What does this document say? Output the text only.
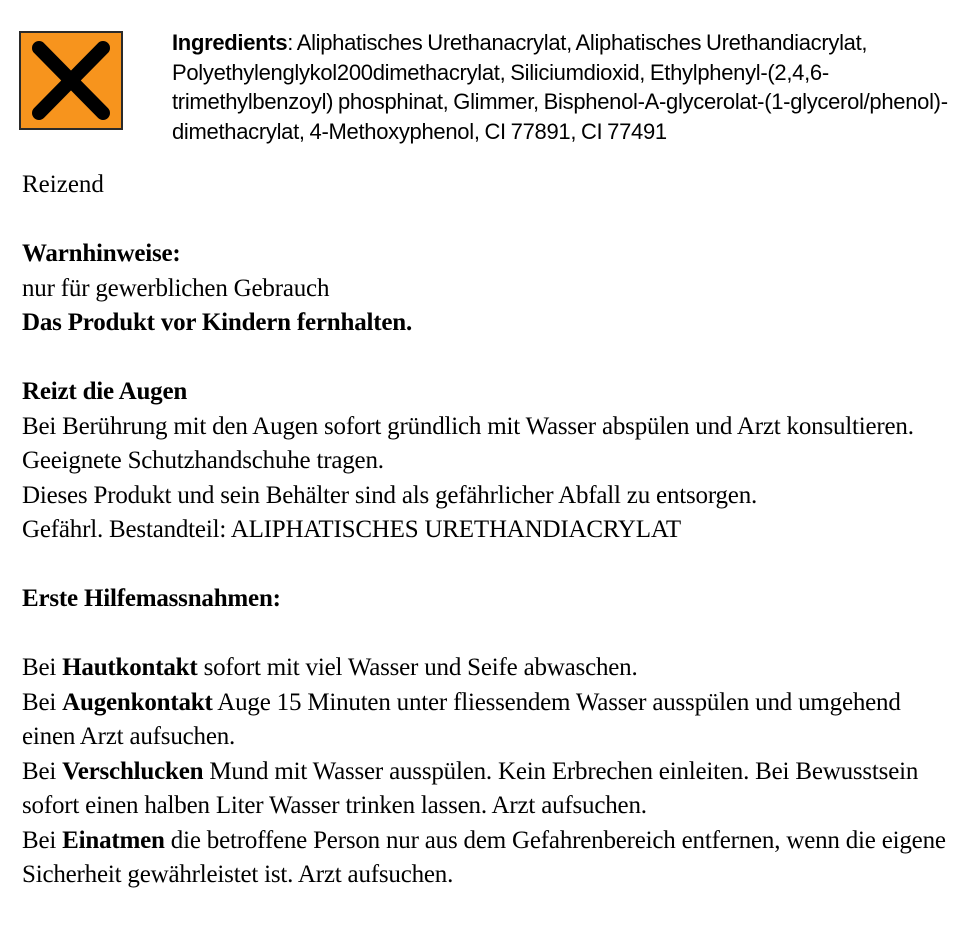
Ingredients: Aliphatisches Urethanacrylat, Aliphatisches Urethandiacrylat, Polyethylenglykol200dimethacrylat, Siliciumdioxid, Ethylphenyl-(2,4,6-trimethylbenzoyl) phosphinat, Glimmer, Bisphenol-A-glycerolat-(1-glycerol/phenol)-dimethacrylat, 4-Methoxyphenol, CI 77891, CI 77491
Reizend
Warnhinweise:
nur für gewerblichen Gebrauch
Das Produkt vor Kindern fernhalten.
Reizt die Augen
Bei Berührung mit den Augen sofort gründlich mit Wasser abspülen und Arzt konsultieren.
Geeignete Schutzhandschuhe tragen.
Dieses Produkt und sein Behälter sind als gefährlicher Abfall zu entsorgen.
Gefährl. Bestandteil: ALIPHATISCHES URETHANDIACRYLAT
Erste Hilfemassnahmen:
Bei Hautkontakt sofort mit viel Wasser und Seife abwaschen.
Bei Augenkontakt Auge 15 Minuten unter fliessendem Wasser ausspülen und umgehend einen Arzt aufsuchen.
Bei Verschlucken Mund mit Wasser ausspülen. Kein Erbrechen einleiten. Bei Bewusstsein sofort einen halben Liter Wasser trinken lassen. Arzt aufsuchen.
Bei Einatmen die betroffene Person nur aus dem Gefahrenbereich entfernen, wenn die eigene Sicherheit gewährleistet ist. Arzt aufsuchen.
